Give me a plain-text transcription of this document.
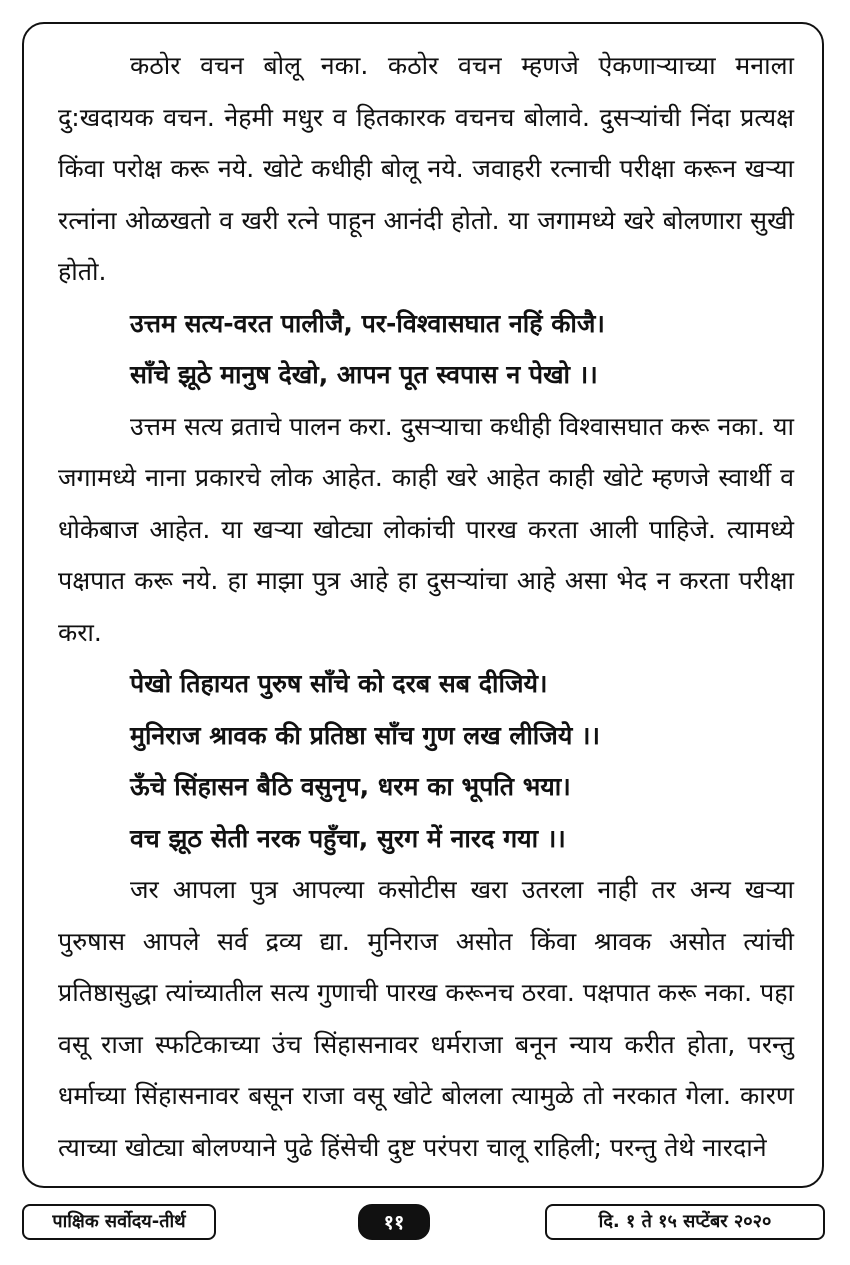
कठोर वचन बोलू नका. कठोर वचन म्हणजे ऐकणाऱ्याच्या मनाला दु:खदायक वचन. नेहमी मधुर व हितकारक वचनच बोलावे. दुसऱ्यांची निंदा प्रत्यक्ष किंवा परोक्ष करू नये. खोटे कधीही बोलू नये. जवाहरी रत्नाची परीक्षा करून खऱ्या रत्नांना ओळखतो व खरी रत्ने पाहून आनंदी होतो. या जगामध्ये खरे बोलणारा सुखी होतो.

उत्तम सत्य-वरत पालीजै, पर-विश्वासघात नहिं कीजै।
साँचे झूठे मानुष देखो, आपन पूत स्वपास न पेखो ।।

उत्तम सत्य व्रताचे पालन करा. दुसऱ्याचा कधीही विश्वासघात करू नका. या जगामध्ये नाना प्रकारचे लोक आहेत. काही खरे आहेत काही खोटे म्हणजे स्वार्थी व धोकेबाज आहेत. या खऱ्या खोट्या लोकांची पारख करता आली पाहिजे. त्यामध्ये पक्षपात करू नये. हा माझा पुत्र आहे हा दुसऱ्यांचा आहे असा भेद न करता परीक्षा करा.

पेखो तिहायत पुरुष साँचे को दरब सब दीजिये।
मुनिराज श्रावक की प्रतिष्ठा साँच गुण लख लीजिये ।।
ऊँचे सिंहासन बैठि वसुनृप, धरम का भूपति भया।
वच झूठ सेती नरक पहुँचा, सुरग में नारद गया ।।

जर आपला पुत्र आपल्या कसोटीस खरा उतरला नाही तर अन्य खऱ्या पुरुषास आपले सर्व द्रव्य द्या. मुनिराज असोत किंवा श्रावक असोत त्यांची प्रतिष्ठासुद्धा त्यांच्यातील सत्य गुणाची पारख करूनच ठरवा. पक्षपात करू नका. पहा वसू राजा स्फटिकाच्या उंच सिंहासनावर धर्मराजा बनून न्याय करीत होता, परन्तु धर्माच्या सिंहासनावर बसून राजा वसू खोटे बोलला त्यामुळे तो नरकात गेला. कारण त्याच्या खोट्या बोलण्याने पुढे हिंसेची दुष्ट परंपरा चालू राहिली; परन्तु तेथे नारदाने

पाक्षिक सर्वोदय-तीर्थ	११	दि. १ ते १५ सप्टेंबर २०२०
